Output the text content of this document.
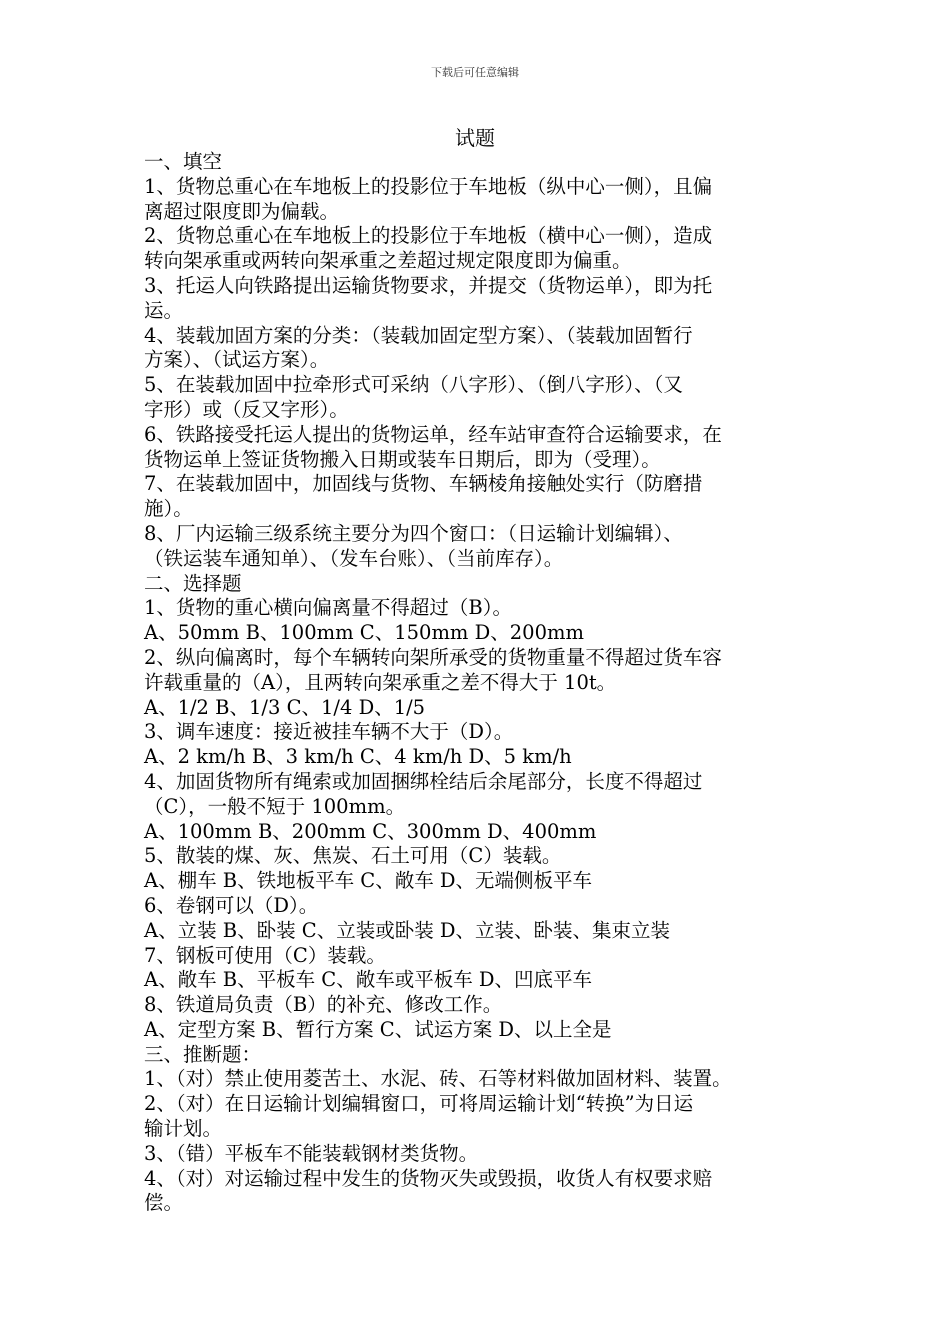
下载后可任意编辑
试题
一、填空
1、货物总重心在车地板上的投影位于车地板（纵中心一侧），且偏
离超过限度即为偏载。
2、货物总重心在车地板上的投影位于车地板（横中心一侧），造成
转向架承重或两转向架承重之差超过规定限度即为偏重。
3、托运人向铁路提出运输货物要求，并提交（货物运单），即为托
运。
4、装载加固方案的分类：（装载加固定型方案）、（装载加固暂行
方案）、（试运方案）。
5、在装载加固中拉牵形式可采纳（八字形）、（倒八字形）、（又
字形）或（反又字形）。
6、铁路接受托运人提出的货物运单，经车站审查符合运输要求，在
货物运单上签证货物搬入日期或装车日期后，即为（受理）。
7、在装载加固中，加固线与货物、车辆棱角接触处实行（防磨措
施）。
8、厂内运输三级系统主要分为四个窗口：（日运输计划编辑）、
（铁运装车通知单）、（发车台账）、（当前库存）。
二、选择题
1、货物的重心横向偏离量不得超过（B）。
A、50mm B、100mm C、150mm D、200mm
2、纵向偏离时，每个车辆转向架所承受的货物重量不得超过货车容
许载重量的（A），且两转向架承重之差不得大于 10t。
A、1/2 B、1/3 C、1/4 D、1/5
3、调车速度：接近被挂车辆不大于（D）。
A、2 km/h B、3 km/h C、4 km/h D、5 km/h
4、加固货物所有绳索或加固捆绑栓结后余尾部分，长度不得超过
（C），一般不短于 100mm。
A、100mm B、200mm C、300mm D、400mm
5、散装的煤、灰、焦炭、石土可用（C）装载。
A、棚车 B、铁地板平车 C、敞车 D、无端侧板平车
6、卷钢可以（D）。
A、立装 B、卧装 C、立装或卧装 D、立装、卧装、集束立装
7、钢板可使用（C）装载。
A、敞车 B、平板车 C、敞车或平板车 D、凹底平车
8、铁道局负责（B）的补充、修改工作。
A、定型方案 B、暂行方案 C、试运方案 D、以上全是
三、推断题：
1、（对）禁止使用菱苦土、水泥、砖、石等材料做加固材料、装置。
2、（对）在日运输计划编辑窗口，可将周运输计划“转换”为日运
输计划。
3、（错）平板车不能装载钢材类货物。
4、（对）对运输过程中发生的货物灭失或毁损，收货人有权要求赔
偿。
